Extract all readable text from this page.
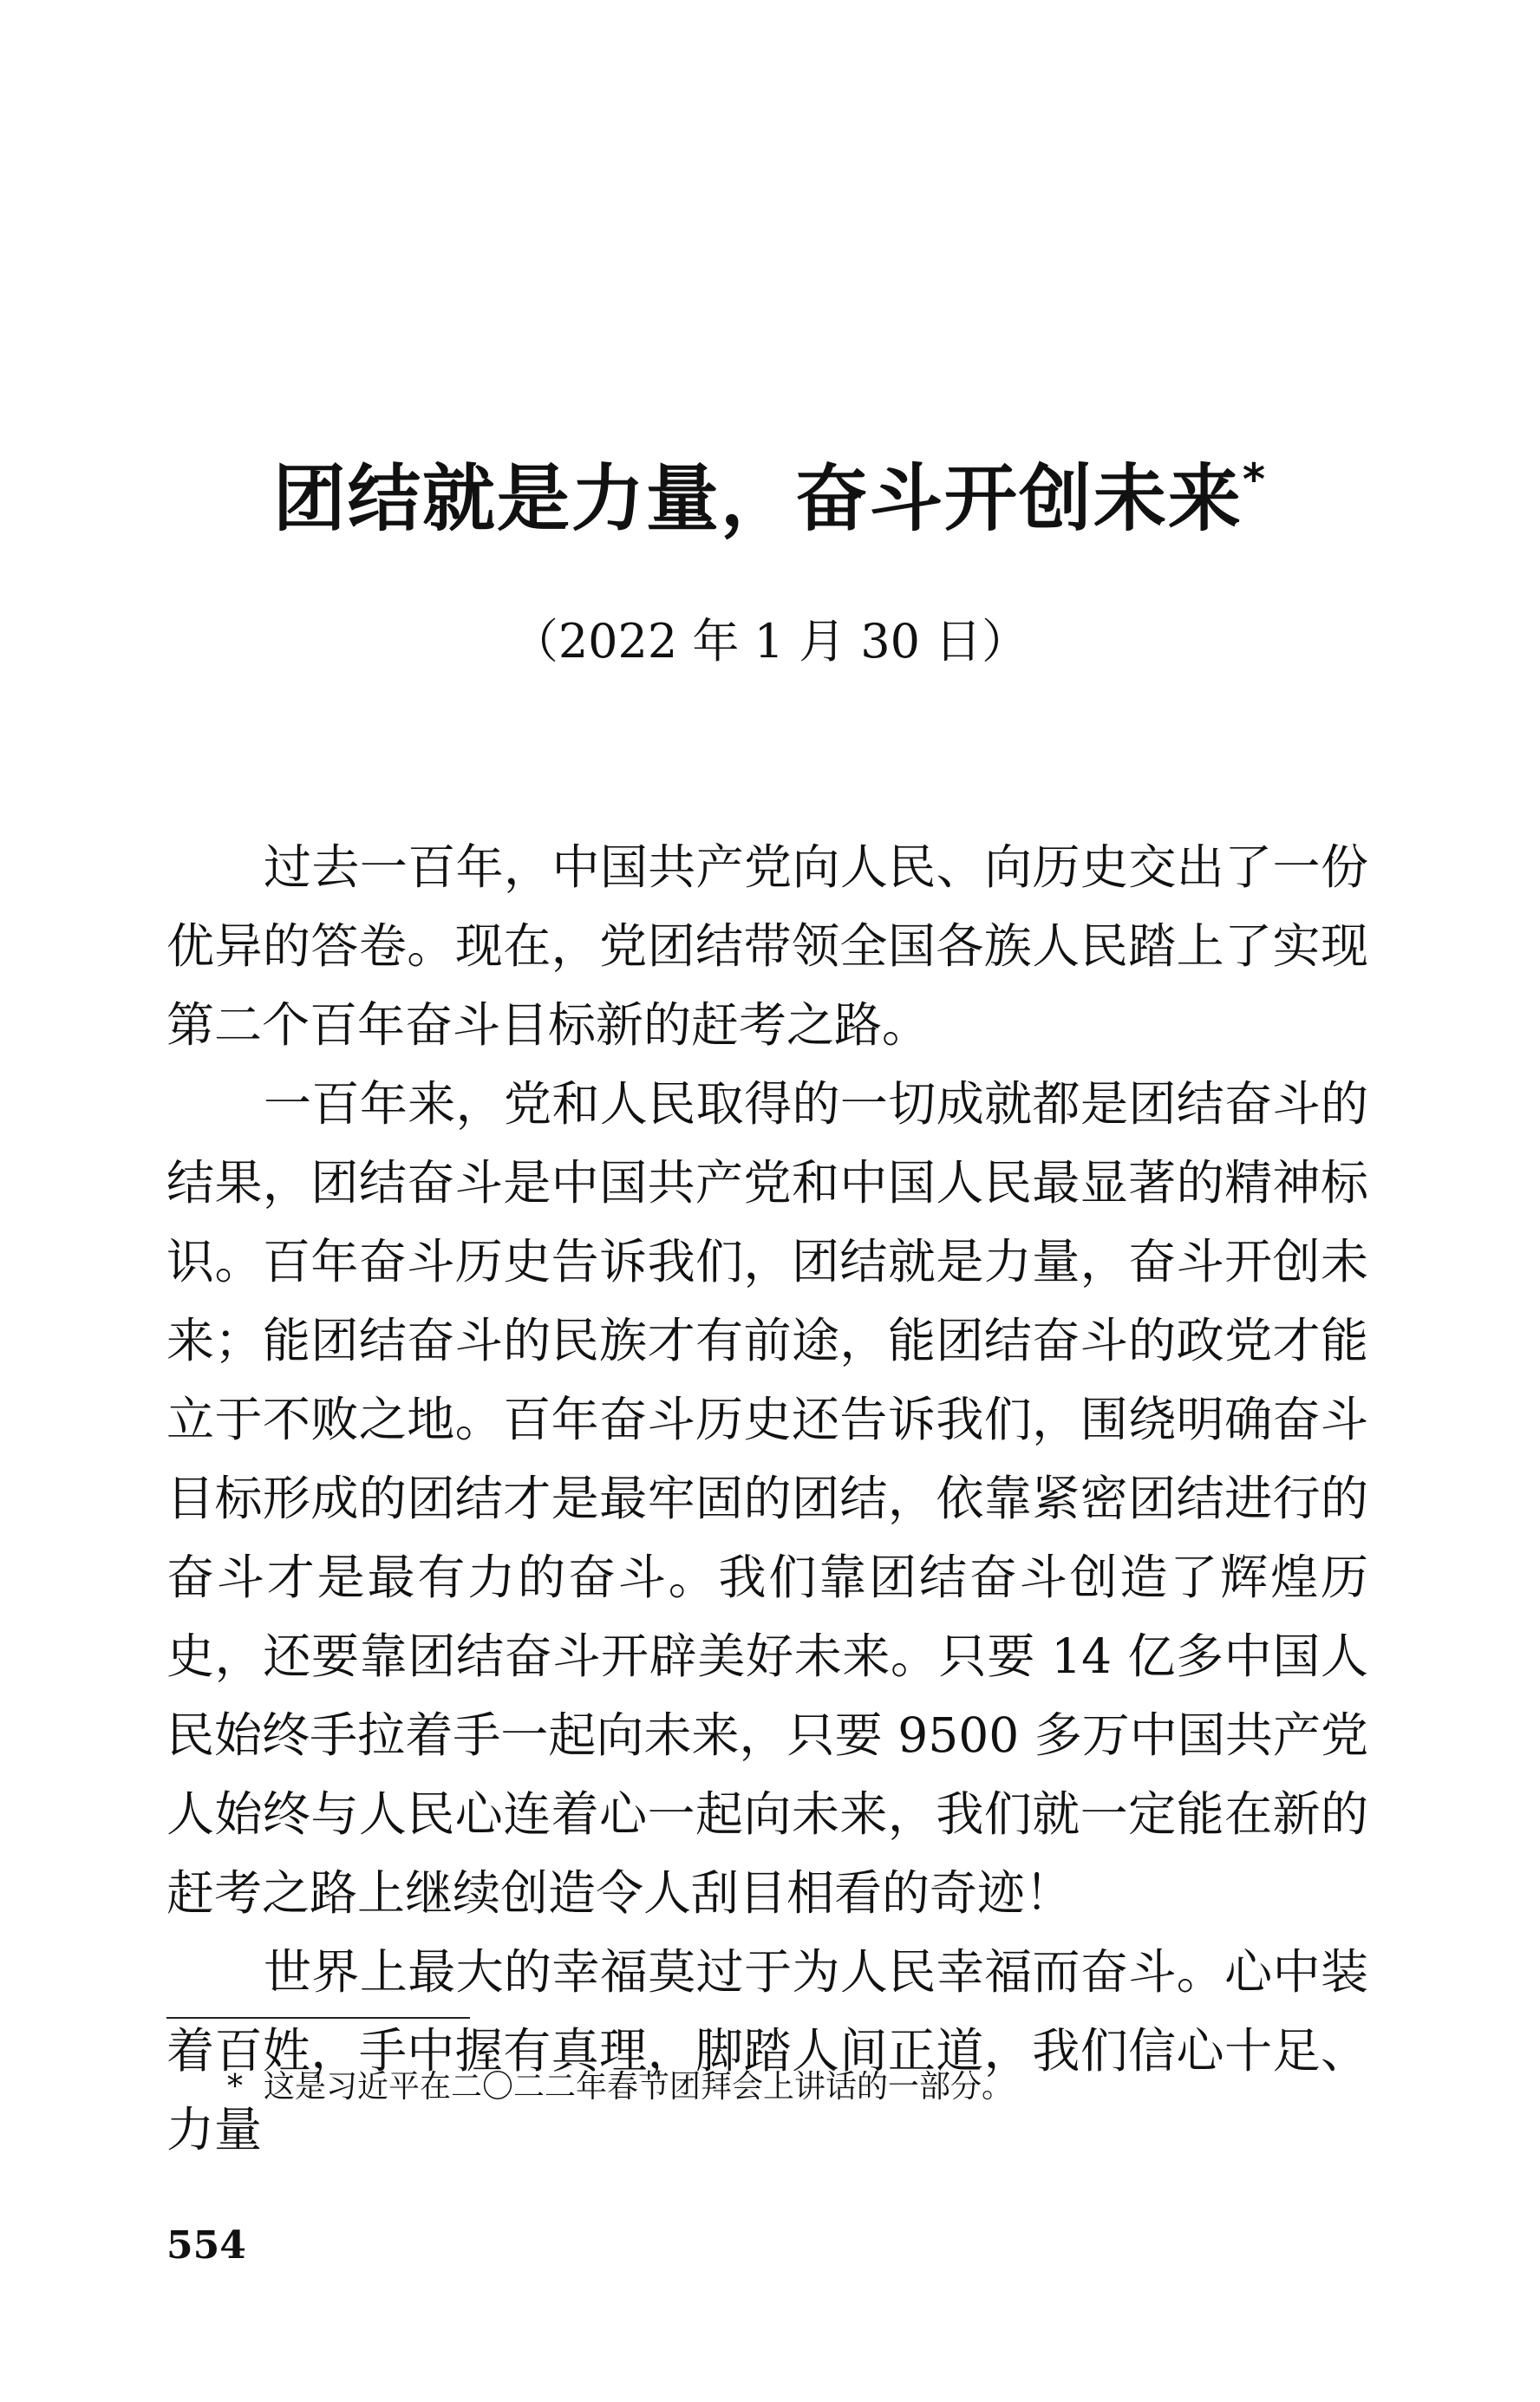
团结就是力量，奋斗开创未来*
（2022 年 1 月 30 日）

过去一百年，中国共产党向人民、向历史交出了一份优异的答卷。现在，党团结带领全国各族人民踏上了实现第二个百年奋斗目标新的赶考之路。

一百年来，党和人民取得的一切成就都是团结奋斗的结果，团结奋斗是中国共产党和中国人民最显著的精神标识。百年奋斗历史告诉我们，团结就是力量，奋斗开创未来；能团结奋斗的民族才有前途，能团结奋斗的政党才能立于不败之地。百年奋斗历史还告诉我们，围绕明确奋斗目标形成的团结才是最牢固的团结，依靠紧密团结进行的奋斗才是最有力的奋斗。我们靠团结奋斗创造了辉煌历史，还要靠团结奋斗开辟美好未来。只要 14 亿多中国人民始终手拉着手一起向未来，只要 9500 多万中国共产党人始终与人民心连着心一起向未来，我们就一定能在新的赶考之路上继续创造令人刮目相看的奇迹！

世界上最大的幸福莫过于为人民幸福而奋斗。心中装着百姓，手中握有真理，脚踏人间正道，我们信心十足、力量

* 这是习近平在二〇二二年春节团拜会上讲话的一部分。
554
